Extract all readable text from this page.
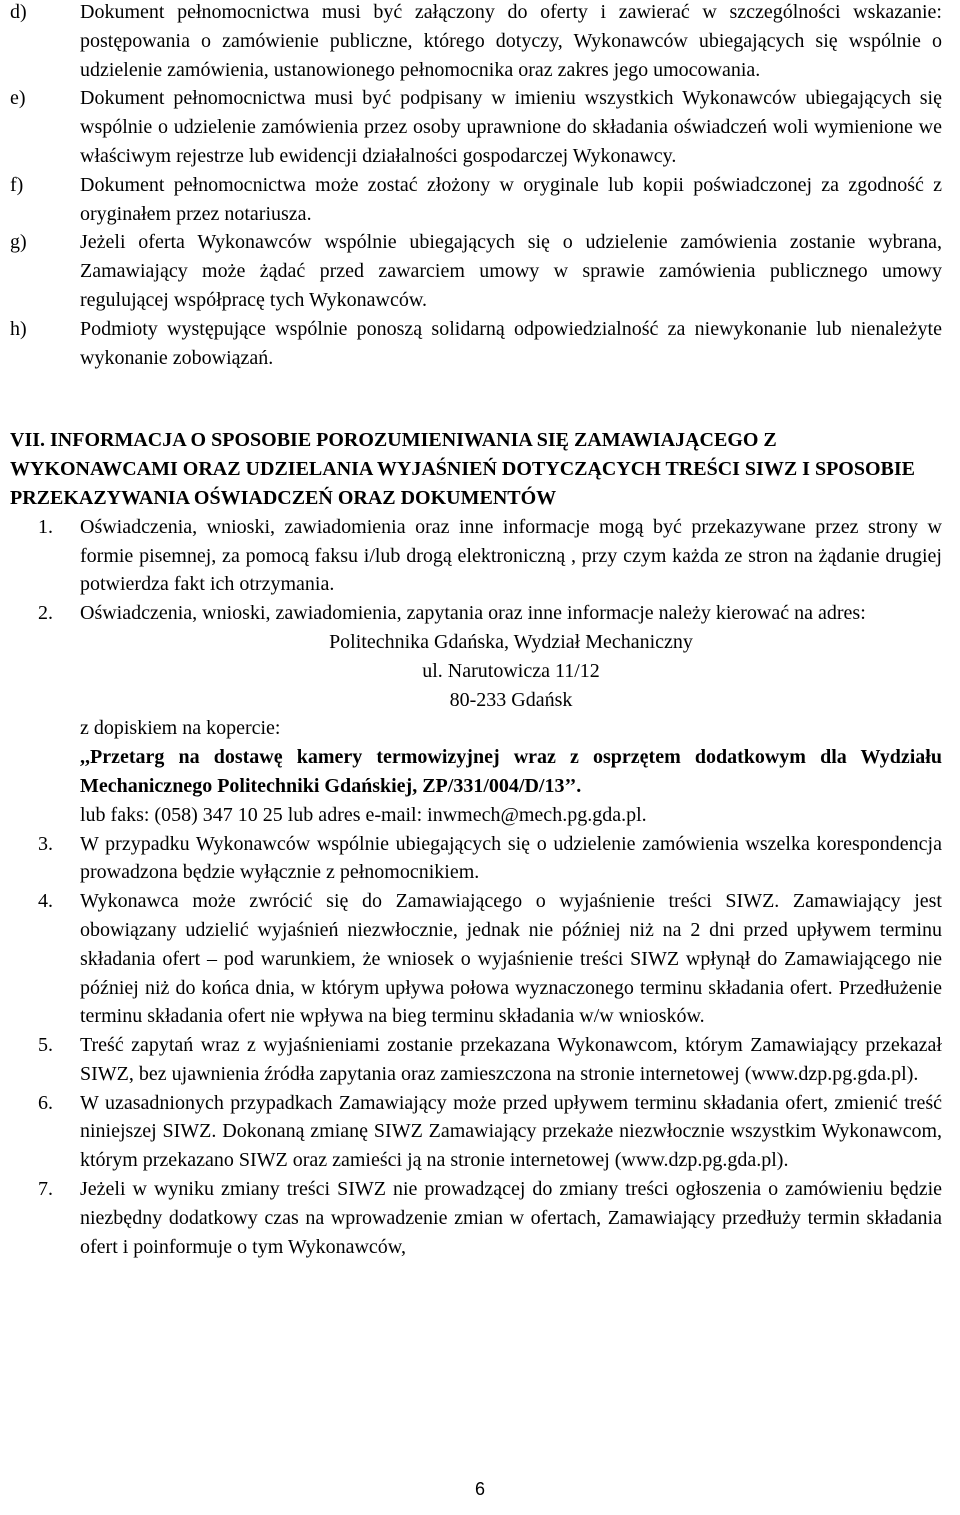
d)	Dokument pełnomocnictwa musi być załączony do oferty i zawierać w szczególności wskazanie: postępowania o zamówienie publiczne, którego dotyczy, Wykonawców ubiegających się wspólnie o udzielenie zamówienia, ustanowionego pełnomocnika oraz zakres jego umocowania.
e)	Dokument pełnomocnictwa musi być podpisany w imieniu wszystkich Wykonawców ubiegających się wspólnie o udzielenie zamówienia przez osoby uprawnione do składania oświadczeń woli wymienione we właściwym rejestrze lub ewidencji działalności gospodarczej Wykonawcy.
f)	Dokument pełnomocnictwa może zostać złożony w oryginale lub kopii poświadczonej za zgodność z oryginałem przez notariusza.
g)	Jeżeli oferta Wykonawców wspólnie ubiegających się o udzielenie zamówienia zostanie wybrana, Zamawiający może żądać przed zawarciem umowy w sprawie zamówienia publicznego umowy regulującej współpracę tych Wykonawców.
h)	Podmioty występujące wspólnie ponoszą solidarną odpowiedzialność za niewykonanie lub nienależyte wykonanie zobowiązań.
VII. INFORMACJA O SPOSOBIE POROZUMIENIWANIA SIĘ ZAMAWIAJĄCEGO Z WYKONAWCAMI ORAZ UDZIELANIA WYJAŚNIEŃ DOTYCZĄCYCH TREŚCI SIWZ I SPOSOBIE PRZEKAZYWANIA OŚWIADCZEŃ ORAZ DOKUMENTÓW
1. Oświadczenia, wnioski, zawiadomienia oraz inne informacje mogą być przekazywane przez strony w formie pisemnej, za pomocą faksu i/lub drogą elektroniczną , przy czym każda ze stron na żądanie drugiej potwierdza fakt ich otrzymania.
2. Oświadczenia, wnioski, zawiadomienia, zapytania oraz inne informacje należy kierować na adres:
Politechnika Gdańska, Wydział Mechaniczny
ul. Narutowicza 11/12
80-233 Gdańsk
z dopiskiem na kopercie:
,,Przetarg na dostawę kamery termowizyjnej wraz z osprzętem dodatkowym dla Wydziału Mechanicznego Politechniki Gdańskiej, ZP/331/004/D/13’’.
lub faks: (058) 347 10 25 lub adres e-mail: inwmech@mech.pg.gda.pl.
3. W przypadku Wykonawców wspólnie ubiegających się o udzielenie zamówienia wszelka korespondencja prowadzona będzie wyłącznie z pełnomocnikiem.
4. Wykonawca może zwrócić się do Zamawiającego o wyjaśnienie treści SIWZ. Zamawiający jest obowiązany udzielić wyjaśnień niezwłocznie, jednak nie później niż na 2 dni przed upływem terminu składania ofert – pod warunkiem, że wniosek o wyjaśnienie treści SIWZ wpłynął do Zamawiającego nie później niż do końca dnia, w którym upływa połowa wyznaczonego terminu składania ofert. Przedłużenie terminu składania ofert nie wpływa na bieg terminu składania w/w wniosków.
5. Treść zapytań wraz z wyjaśnieniami zostanie przekazana Wykonawcom, którym Zamawiający przekazał SIWZ, bez ujawnienia źródła zapytania oraz zamieszczona na stronie internetowej (www.dzp.pg.gda.pl).
6. W uzasadnionych przypadkach Zamawiający może przed upływem terminu składania ofert, zmienić treść niniejszej SIWZ. Dokonaną zmianę SIWZ Zamawiający przekaże niezwłocznie wszystkim Wykonawcom, którym przekazano SIWZ oraz zamieści ją na stronie internetowej (www.dzp.pg.gda.pl).
7. Jeżeli w wyniku zmiany treści SIWZ nie prowadzącej do zmiany treści ogłoszenia o zamówieniu będzie niezbędny dodatkowy czas na wprowadzenie zmian w ofertach, Zamawiający przedłuży termin składania ofert i poinformuje o tym Wykonawców,
6
